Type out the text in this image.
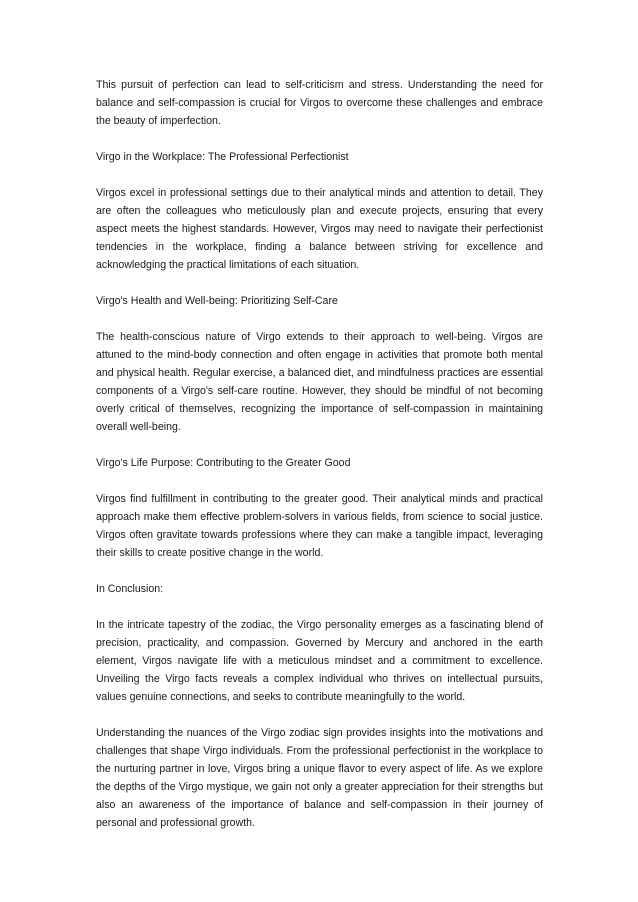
This pursuit of perfection can lead to self-criticism and stress. Understanding the need for balance and self-compassion is crucial for Virgos to overcome these challenges and embrace the beauty of imperfection.

Virgo in the Workplace: The Professional Perfectionist

Virgos excel in professional settings due to their analytical minds and attention to detail. They are often the colleagues who meticulously plan and execute projects, ensuring that every aspect meets the highest standards. However, Virgos may need to navigate their perfectionist tendencies in the workplace, finding a balance between striving for excellence and acknowledging the practical limitations of each situation.

Virgo's Health and Well-being: Prioritizing Self-Care

The health-conscious nature of Virgo extends to their approach to well-being. Virgos are attuned to the mind-body connection and often engage in activities that promote both mental and physical health. Regular exercise, a balanced diet, and mindfulness practices are essential components of a Virgo's self-care routine. However, they should be mindful of not becoming overly critical of themselves, recognizing the importance of self-compassion in maintaining overall well-being.

Virgo's Life Purpose: Contributing to the Greater Good

Virgos find fulfillment in contributing to the greater good. Their analytical minds and practical approach make them effective problem-solvers in various fields, from science to social justice. Virgos often gravitate towards professions where they can make a tangible impact, leveraging their skills to create positive change in the world.

In Conclusion:

In the intricate tapestry of the zodiac, the Virgo personality emerges as a fascinating blend of precision, practicality, and compassion. Governed by Mercury and anchored in the earth element, Virgos navigate life with a meticulous mindset and a commitment to excellence. Unveiling the Virgo facts reveals a complex individual who thrives on intellectual pursuits, values genuine connections, and seeks to contribute meaningfully to the world.

Understanding the nuances of the Virgo zodiac sign provides insights into the motivations and challenges that shape Virgo individuals. From the professional perfectionist in the workplace to the nurturing partner in love, Virgos bring a unique flavor to every aspect of life. As we explore the depths of the Virgo mystique, we gain not only a greater appreciation for their strengths but also an awareness of the importance of balance and self-compassion in their journey of personal and professional growth.
